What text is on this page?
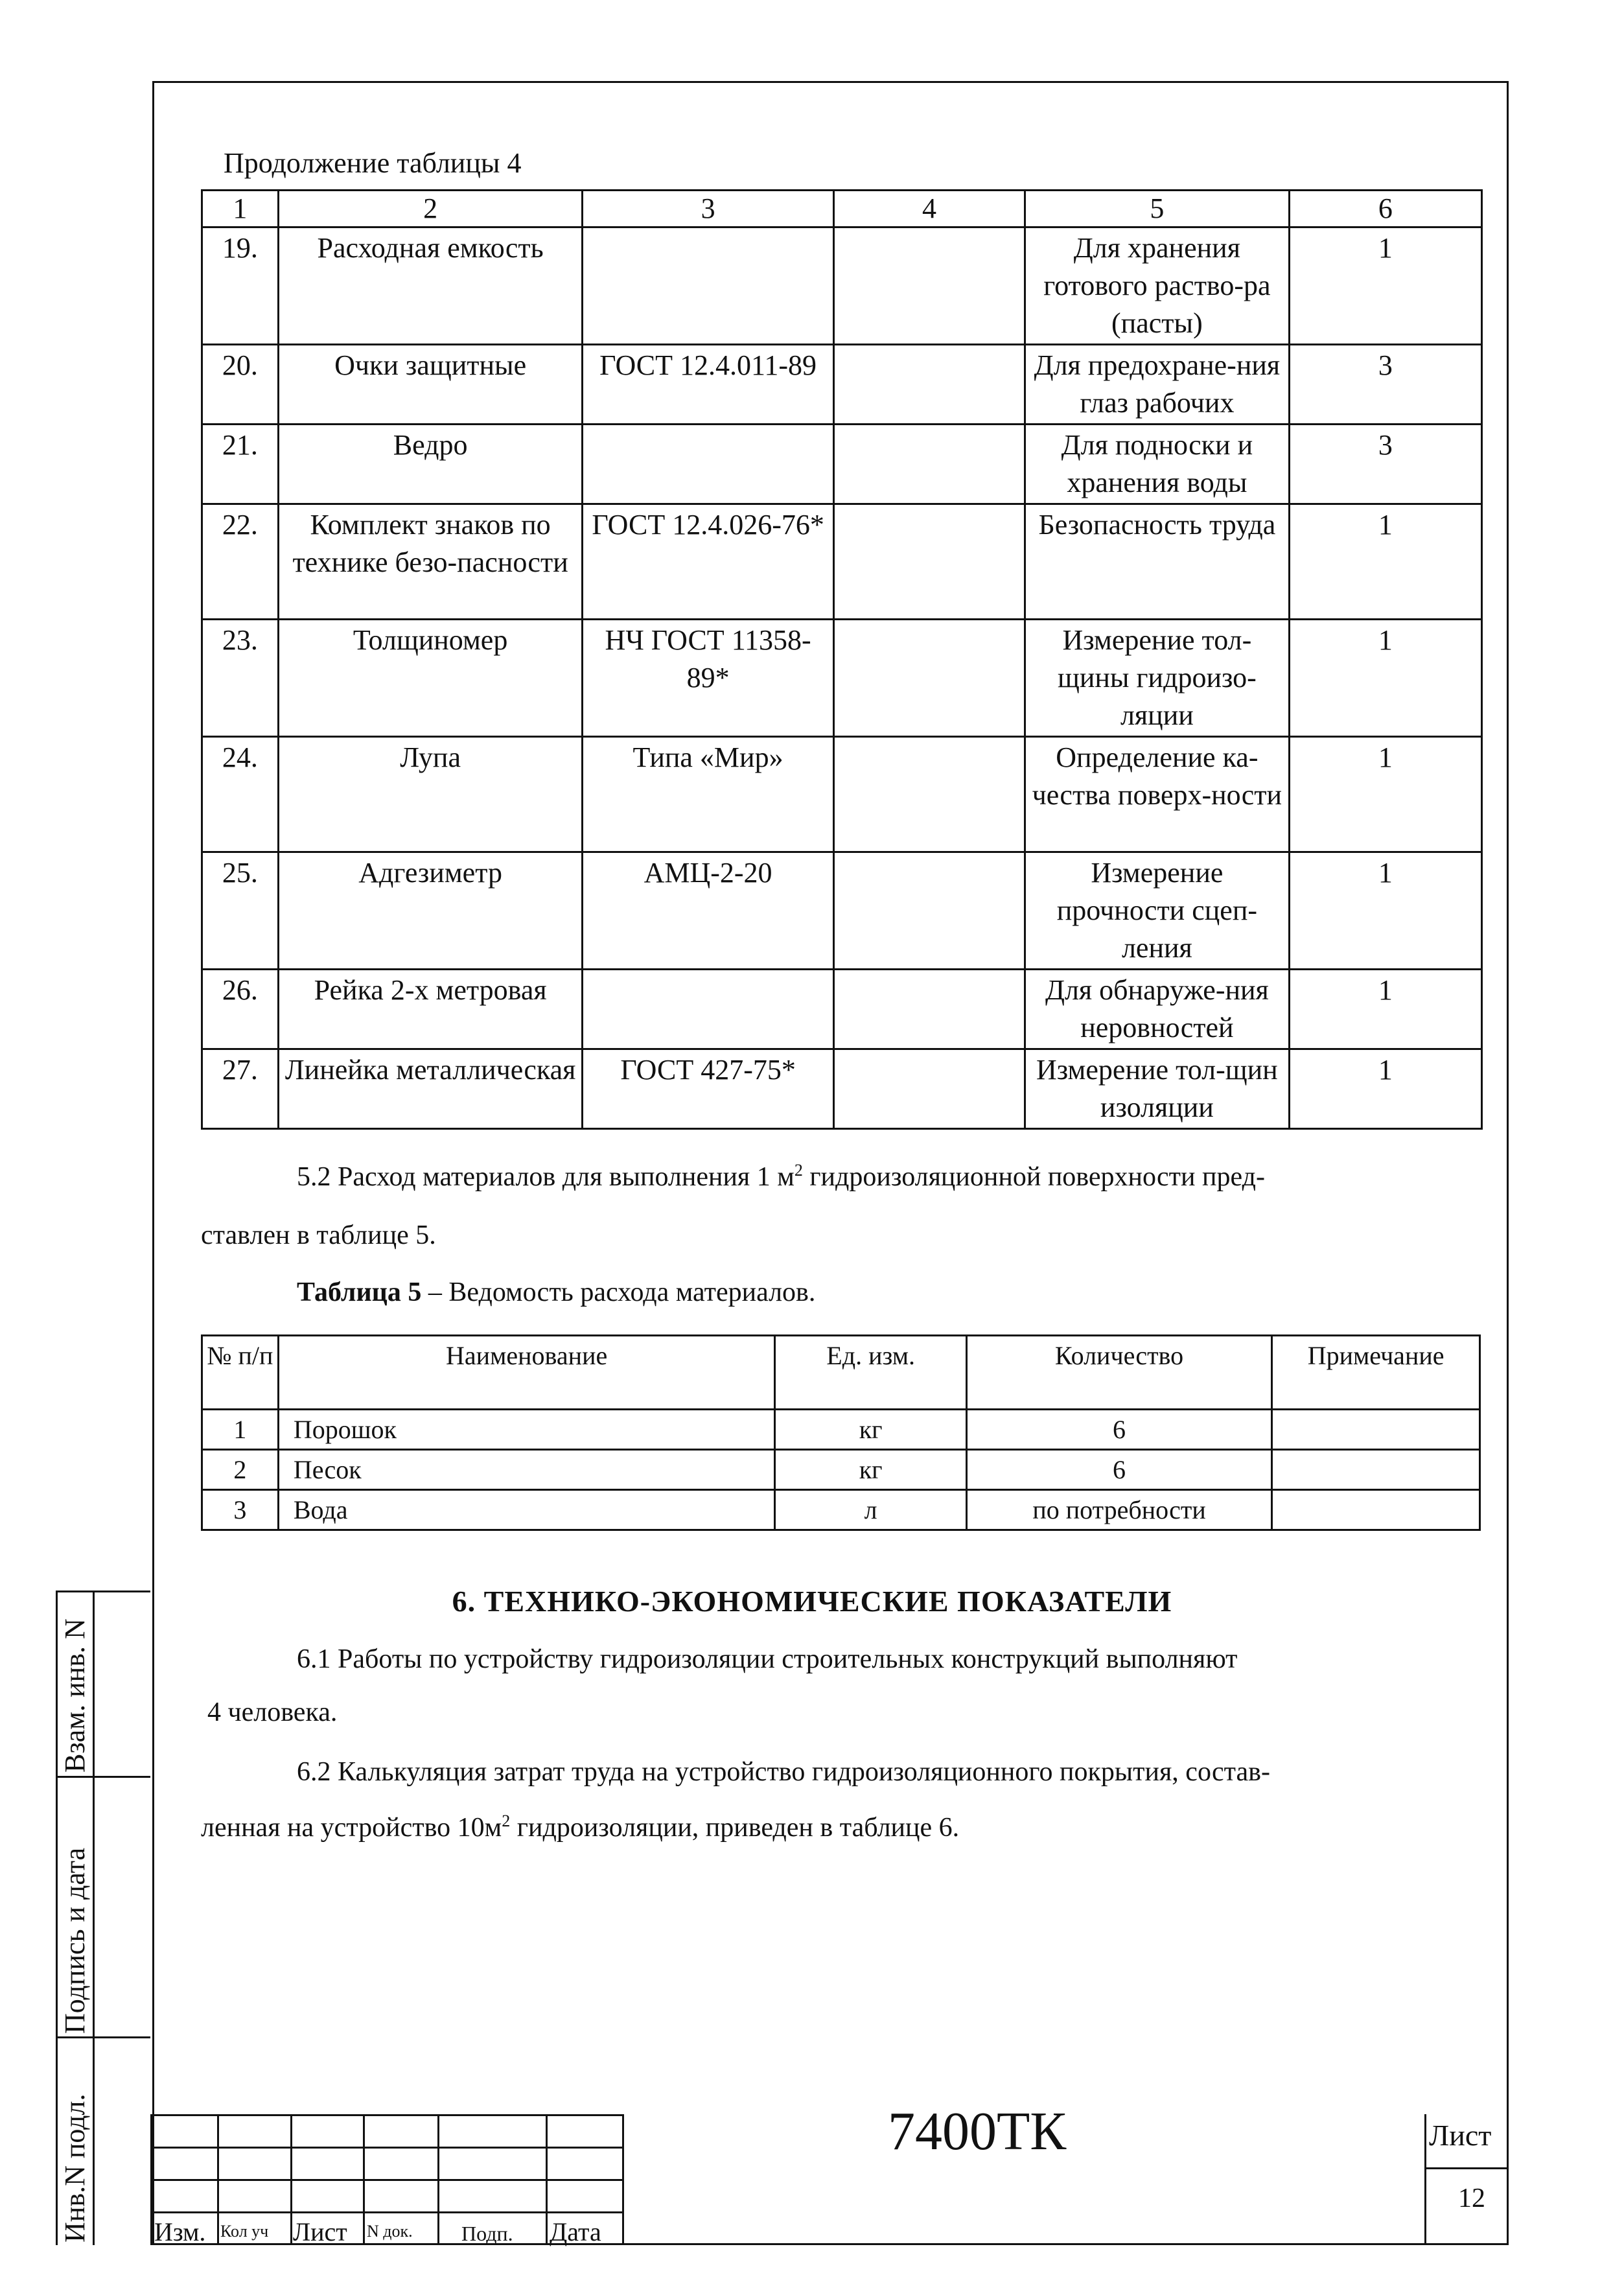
Продолжение таблицы 4
1	2	3	4	5	6
19.	Расходная емкость			Для хранения готового раство-ра (пасты)	1
20.	Очки защитные	ГОСТ 12.4.011-89		Для предохране-ния глаз рабочих	3
21.	Ведро			Для подноски и хранения воды	3
22.	Комплект знаков по технике безо-пасности	ГОСТ 12.4.026-76*		Безопасность труда	1
23.	Толщиномер	НЧ ГОСТ 11358-89*		Измерение тол-щины гидроизо-ляции	1
24.	Лупа	Типа «Мир»		Определение ка-чества поверх-ности	1
25.	Адгезиметр	АМЦ-2-20		Измерение прочности сцеп-ления	1
26.	Рейка 2-х метровая			Для обнаруже-ния неровностей	1
27.	Линейка металлическая	ГОСТ 427-75*		Измерение тол-щин изоляции	1
5.2 Расход материалов для выполнения 1 $м^2$ гидроизоляционной поверхности пред-
ставлен в таблице 5.
Таблица 5 – Ведомость расхода материалов.
№ п/п	Наименование	Ед. изм.	Количество	Примечание
1	Порошок	кг	6	
2	Песок	кг	6	
3	Вода	л	по потребности	
6. ТЕХНИКО-ЭКОНОМИЧЕСКИЕ ПОКАЗАТЕЛИ
6.1 Работы по устройству гидроизоляции строительных конструкций выполняют
4 человека.
6.2 Калькуляция затрат труда на устройство гидроизоляционного покрытия, состав-
ленная на устройство $10м^2$ гидроизоляции, приведен в таблице 6.
Взам. инв. N
Подпись и дата
Инв.N подл.	7400ТК	Лист
12
Изм. Кол уч Лист N док. Подп. Дата
